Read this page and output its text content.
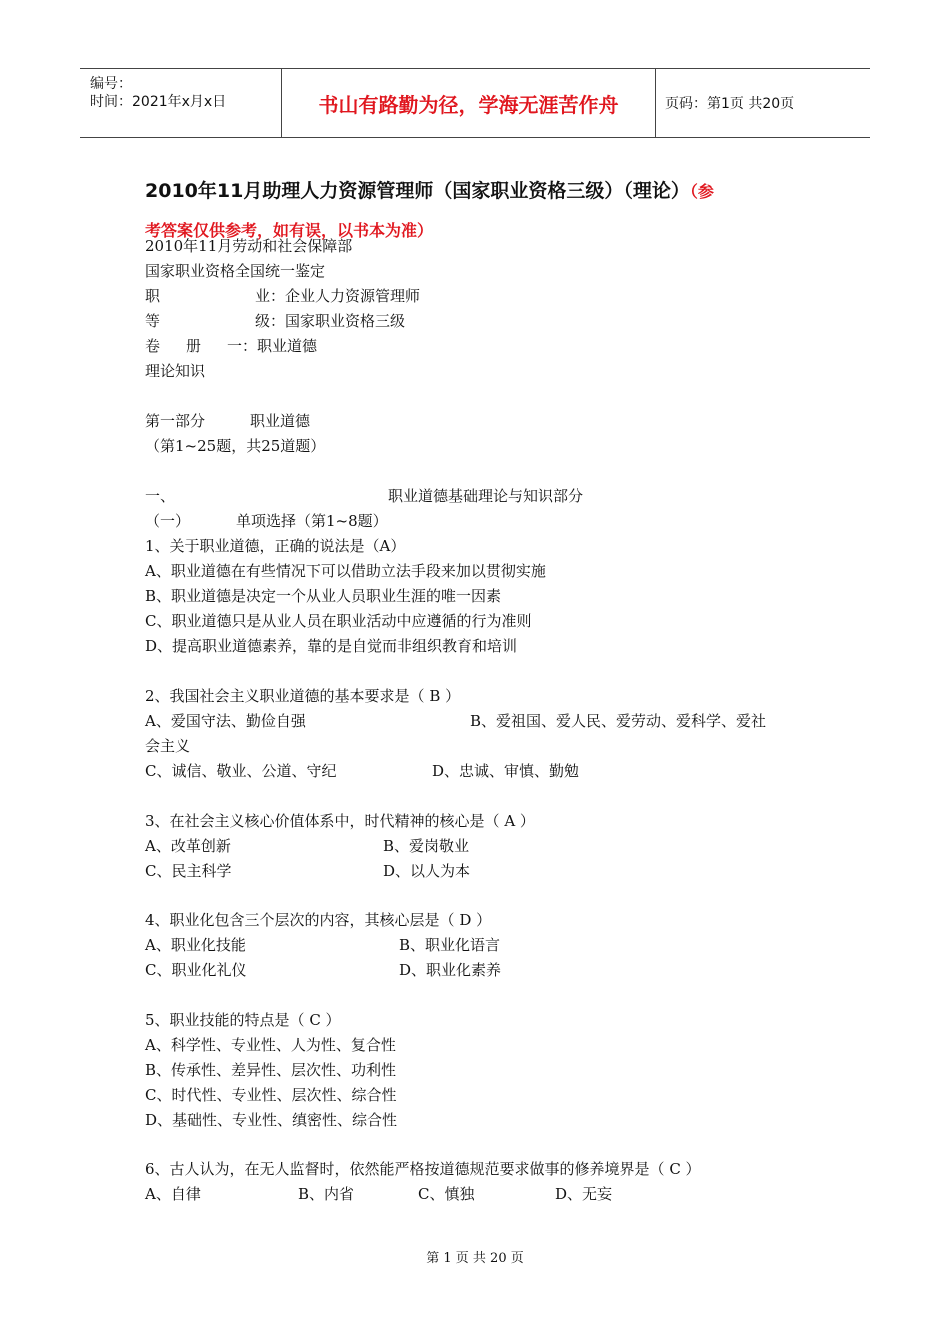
编号：
时间：2021年x月x日	书山有路勤为径，学海无涯苦作舟	页码：第1页 共20页
2010年11月助理人力资源管理师（国家职业资格三级）（理论）（参
考答案仅供参考，如有误，以书本为准）
2010年11月劳动和社会保障部
国家职业资格全国统一鉴定
职	业：企业人力资源管理师
等	级：国家职业资格三级
卷 册 一：职业道德
理论知识
第一部分	职业道德
（第1~25题，共25道题）
一、	职业道德基础理论与知识部分
（一）	单项选择（第1~8题）
1、关于职业道德，正确的说法是（A）
A、职业道德在有些情况下可以借助立法手段来加以贯彻实施
B、职业道德是决定一个从业人员职业生涯的唯一因素
C、职业道德只是从业人员在职业活动中应遵循的行为准则
D、提高职业道德素养，靠的是自觉而非组织教育和培训
2、我国社会主义职业道德的基本要求是（ B ）
A、爱国守法、勤俭自强	B、爱祖国、爱人民、爱劳动、爱科学、爱社
会主义
C、诚信、敬业、公道、守纪	D、忠诚、审慎、勤勉
3、在社会主义核心价值体系中，时代精神的核心是（ A ）
A、改革创新	B、爱岗敬业
C、民主科学	D、以人为本
4、职业化包含三个层次的内容，其核心层是（ D ）
A、职业化技能	B、职业化语言
C、职业化礼仪	D、职业化素养
5、职业技能的特点是（ C ）
A、科学性、专业性、人为性、复合性
B、传承性、差异性、层次性、功利性
C、时代性、专业性、层次性、综合性
D、基础性、专业性、缜密性、综合性
6、古人认为，在无人监督时，依然能严格按道德规范要求做事的修养境界是（ C ）
A、自律	B、内省	C、慎独	D、无妄
第 1 页 共 20 页
